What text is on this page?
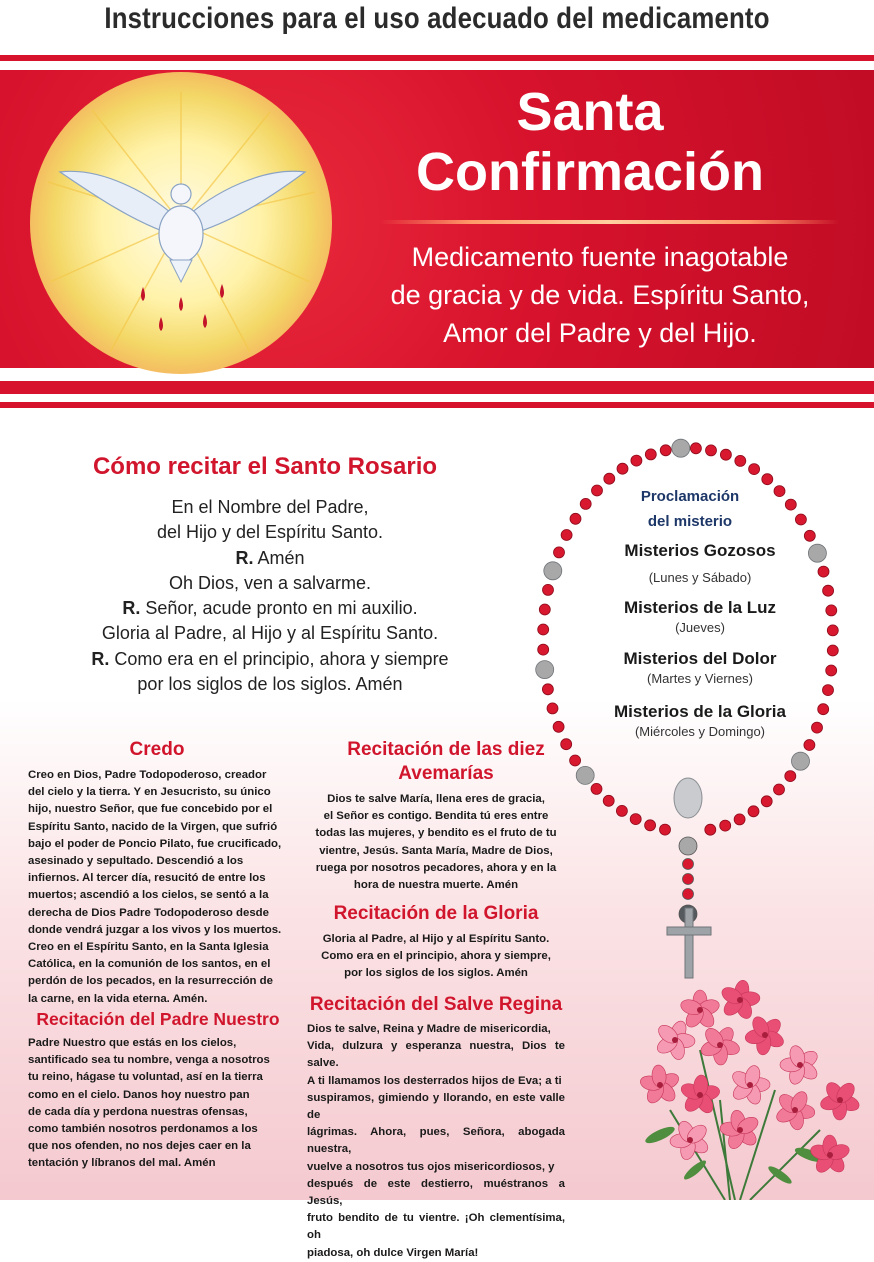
Instrucciones para el uso adecuado del medicamento
Santa
Confirmación
Medicamento fuente inagotable
de gracia y de vida. Espíritu Santo,
Amor del Padre y del Hijo.
Cómo recitar el Santo Rosario
En el Nombre del Padre,
del Hijo y del Espíritu Santo.
R. Amén
Oh Dios, ven a salvarme.
R. Señor, acude pronto en mi auxilio.
Gloria al Padre, al Hijo y al Espíritu Santo.
R. Como era en el principio, ahora y siempre
por los siglos de los siglos. Amén
Proclamación
del misterio
Misterios Gozosos
(Lunes y Sábado)
Misterios de la Luz
(Jueves)
Misterios del Dolor
(Martes y Viernes)
Misterios de la Gloria
(Miércoles y Domingo)
Credo
Creo en Dios, Padre Todopoderoso, creador
del cielo y la tierra. Y en Jesucristo, su único
hijo, nuestro Señor, que fue concebido por el
Espíritu Santo, nacido de la Virgen, que sufrió
bajo el poder de Poncio Pilato, fue crucificado,
asesinado y sepultado. Descendió a los
infiernos. Al tercer día, resucitó de entre los
muertos; ascendió a los cielos, se sentó a la
derecha de Dios Padre Todopoderoso desde
donde vendrá juzgar a los vivos y los muertos.
Creo en el Espíritu Santo, en la Santa Iglesia
Católica, en la comunión de los santos, en el
perdón de los pecados, en la resurrección de
la carne, en la vida eterna. Amén.
Recitación del Padre Nuestro
Padre Nuestro que estás en los cielos,
santificado sea tu nombre, venga a nosotros
tu reino, hágase tu voluntad, así en la tierra
como en el cielo. Danos hoy nuestro pan
de cada día y perdona nuestras ofensas,
como también nosotros perdonamos a los
que nos ofenden, no nos dejes caer en la
tentación y líbranos del mal. Amén
Recitación de las diez
Avemarías
Dios te salve María, llena eres de gracia,
el Señor es contigo. Bendita tú eres entre
todas las mujeres, y bendito es el fruto de tu
vientre, Jesús. Santa María, Madre de Dios,
ruega por nosotros pecadores, ahora y en la
hora de nuestra muerte. Amén
Recitación de la Gloria
Gloria al Padre, al Hijo y al Espíritu Santo.
Como era en el principio, ahora y siempre,
por los siglos de los siglos. Amén
Recitación del Salve Regina
Dios te salve, Reina y Madre de misericordia,
Vida, dulzura y esperanza nuestra, Dios te salve.
A ti llamamos los desterrados hijos de Eva; a ti
suspiramos, gimiendo y llorando, en este valle de
lágrimas. Ahora, pues, Señora, abogada nuestra,
vuelve a nosotros tus ojos misericordiosos, y
después de este destierro, muéstranos a Jesús,
fruto bendito de tu vientre. ¡Oh clementísima, oh
piadosa, oh dulce Virgen María!
